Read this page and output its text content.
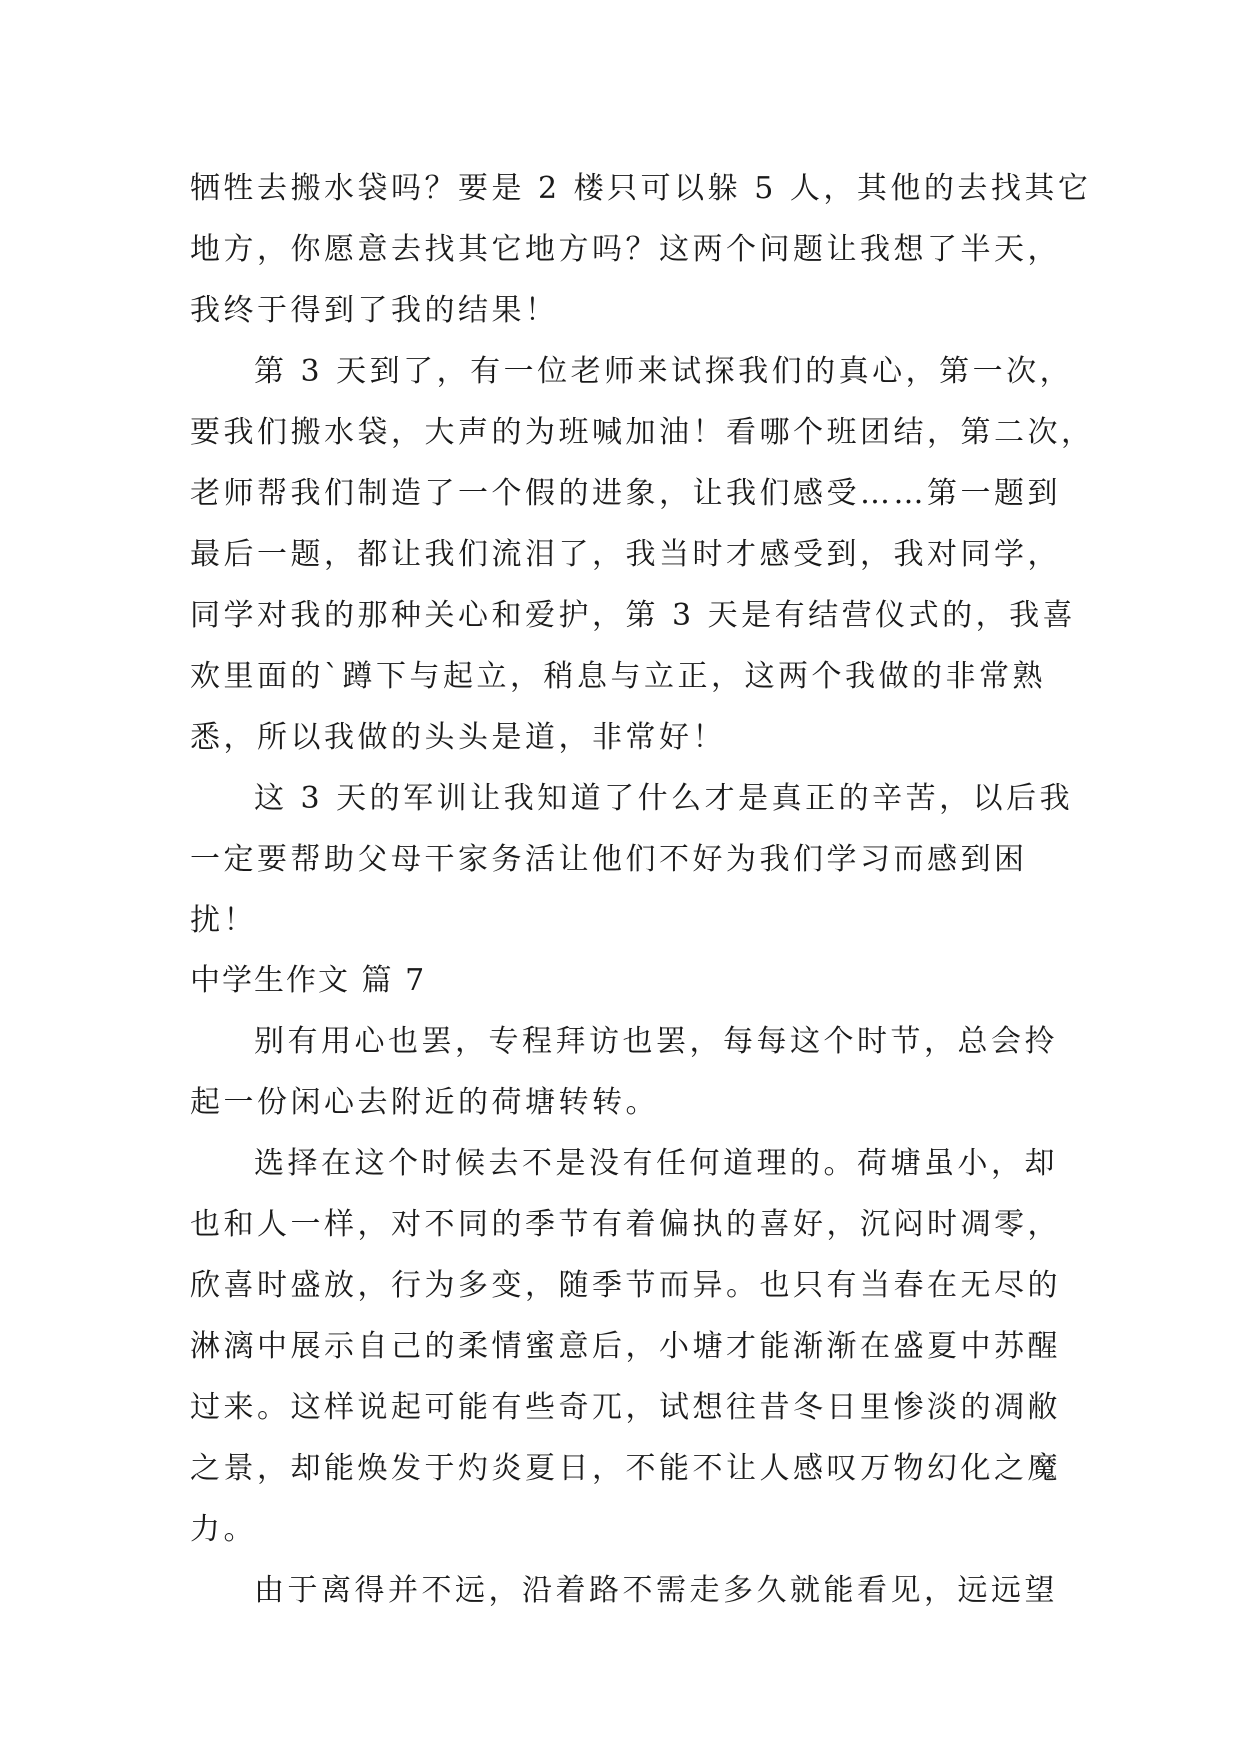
牺牲去搬水袋吗？要是 2 楼只可以躲 5 人，其他的去找其它
地方，你愿意去找其它地方吗？这两个问题让我想了半天，
我终于得到了我的结果！
第 3 天到了，有一位老师来试探我们的真心，第一次，
要我们搬水袋，大声的为班喊加油！看哪个班团结，第二次，
老师帮我们制造了一个假的进象，让我们感受……第一题到
最后一题，都让我们流泪了，我当时才感受到，我对同学，
同学对我的那种关心和爱护，第 3 天是有结营仪式的，我喜
欢里面的`蹲下与起立，稍息与立正，这两个我做的非常熟
悉，所以我做的头头是道，非常好！
这 3 天的军训让我知道了什么才是真正的辛苦，以后我
一定要帮助父母干家务活让他们不好为我们学习而感到困
扰！
中学生作文 篇 7
别有用心也罢，专程拜访也罢，每每这个时节，总会拎
起一份闲心去附近的荷塘转转。
选择在这个时候去不是没有任何道理的。荷塘虽小，却
也和人一样，对不同的季节有着偏执的喜好，沉闷时凋零，
欣喜时盛放，行为多变，随季节而异。也只有当春在无尽的
淋漓中展示自己的柔情蜜意后，小塘才能渐渐在盛夏中苏醒
过来。这样说起可能有些奇兀，试想往昔冬日里惨淡的凋敝
之景，却能焕发于灼炎夏日，不能不让人感叹万物幻化之魔
力。
由于离得并不远，沿着路不需走多久就能看见，远远望
